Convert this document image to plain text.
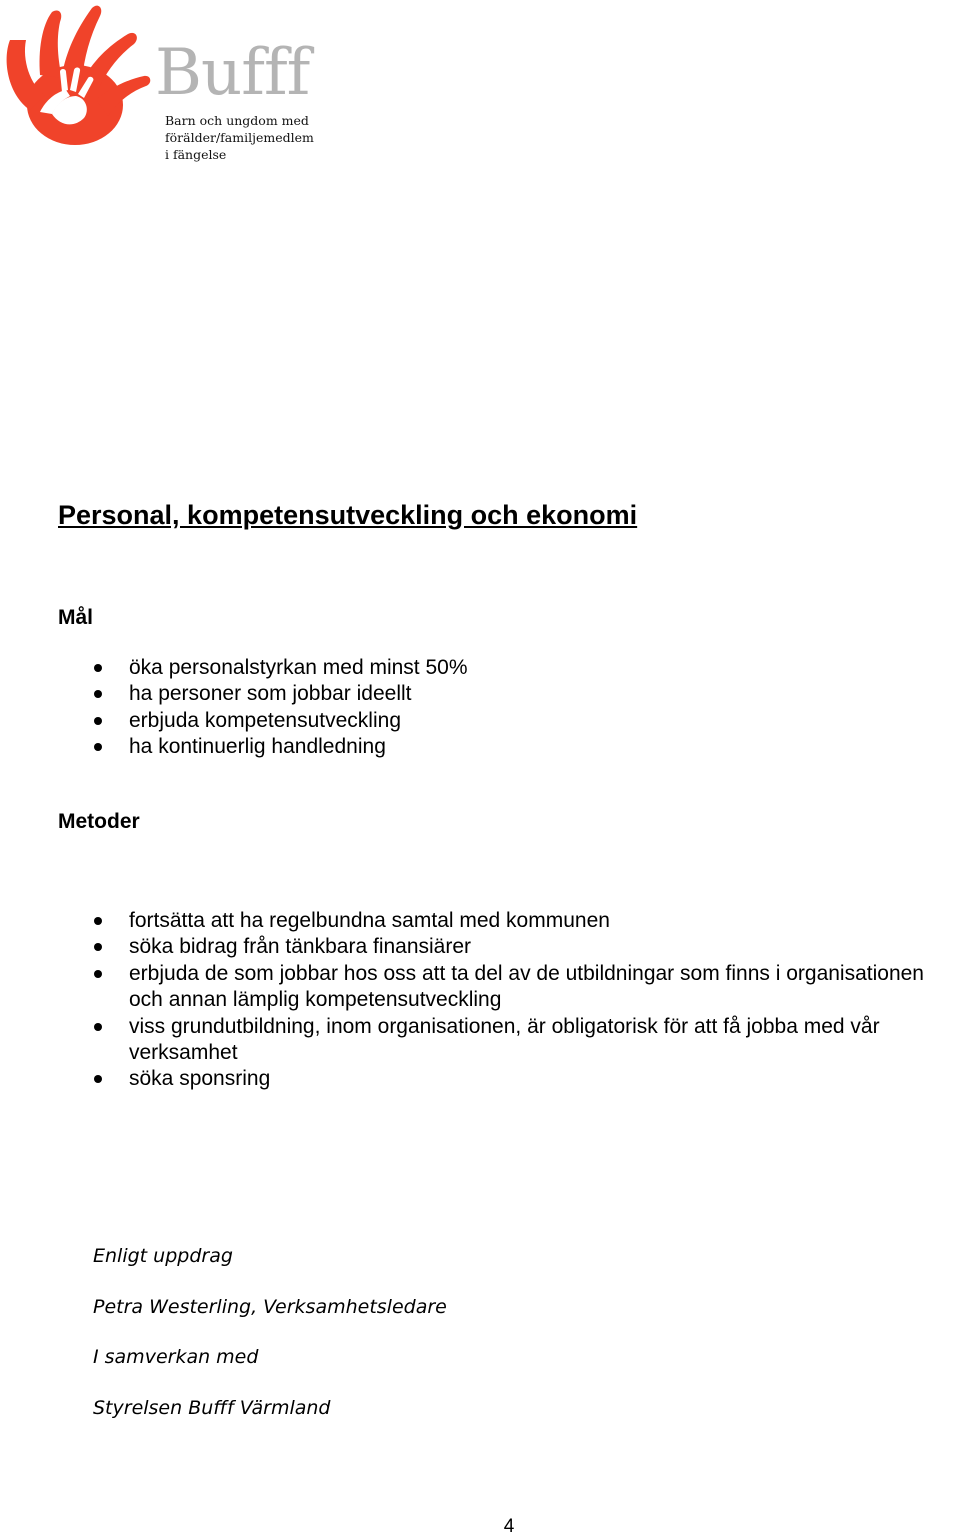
Bufff
Barn och ungdom med
förälder/familjemedlem
i fängelse
Personal, kompetensutveckling och ekonomi
Mål
öka personalstyrkan med minst 50%
ha personer som jobbar ideellt
erbjuda kompetensutveckling
ha kontinuerlig handledning
Metoder
fortsätta att ha regelbundna samtal med kommunen
söka bidrag från tänkbara finansiärer
erbjuda de som jobbar hos oss att ta del av de utbildningar som finns i organisationen och annan lämplig kompetensutveckling
viss grundutbildning, inom organisationen, är obligatorisk för att få jobba med vår verksamhet
söka sponsring
Enligt uppdrag
Petra Westerling, Verksamhetsledare
I samverkan med
Styrelsen Bufff Värmland
4
